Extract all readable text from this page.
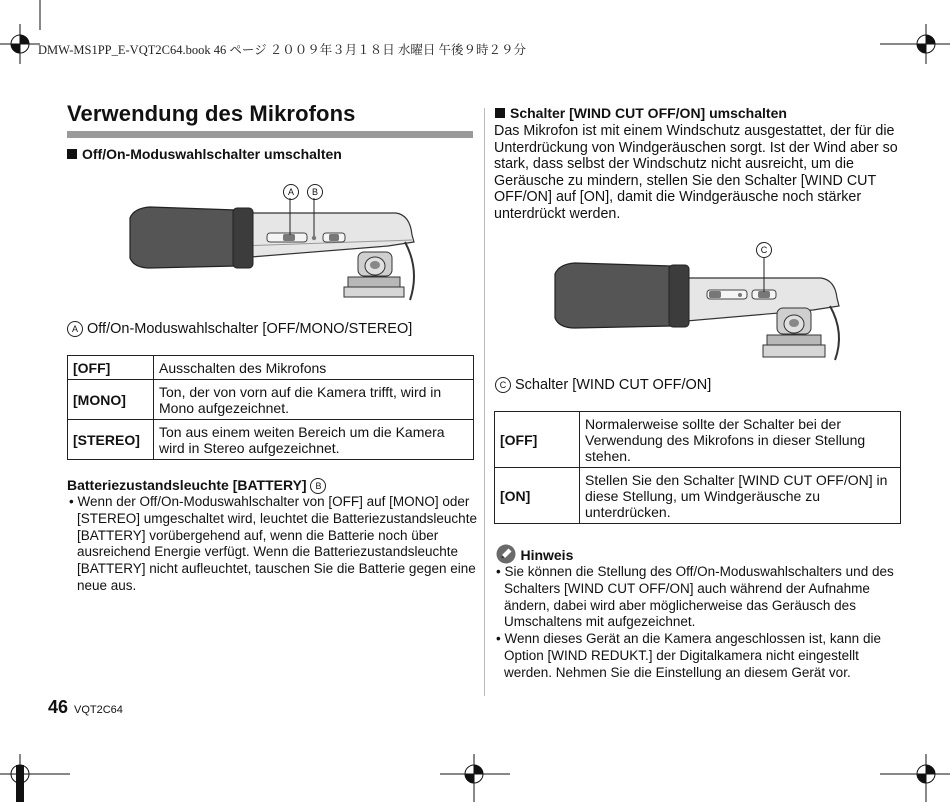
DMW-MS1PP_E-VQT2C64.book 46 ページ ２００９年３月１８日 水曜日 午後９時２９分
Verwendung des Mikrofons
Off/On-Moduswahlschalter umschalten
A	B
A Off/On-Moduswahlschalter [OFF/MONO/STEREO]
[OFF]	Ausschalten des Mikrofons
[MONO]	Ton, der von vorn auf die Kamera trifft, wird in Mono aufgezeichnet.
[STEREO]	Ton aus einem weiten Bereich um die Kamera wird in Stereo aufgezeichnet.
Batteriezustandsleuchte [BATTERY] B
• Wenn der Off/On-Moduswahlschalter von [OFF] auf [MONO] oder [STEREO] umgeschaltet wird, leuchtet die Batteriezustandsleuchte [BATTERY] vorübergehend auf, wenn die Batterie noch über ausreichend Energie verfügt. Wenn die Batteriezustandsleuchte [BATTERY] nicht aufleuchtet, tauschen Sie die Batterie gegen eine neue aus.
Schalter [WIND CUT OFF/ON] umschalten
Das Mikrofon ist mit einem Windschutz ausgestattet, der für die Unterdrückung von Windgeräuschen sorgt. Ist der Wind aber so stark, dass selbst der Windschutz nicht ausreicht, um die Geräusche zu mindern, stellen Sie den Schalter [WIND CUT OFF/ON] auf [ON], damit die Windgeräusche noch stärker unterdrückt werden.
C
C Schalter [WIND CUT OFF/ON]
[OFF]	Normalerweise sollte der Schalter bei der Verwendung des Mikrofons in dieser Stellung stehen.
[ON]	Stellen Sie den Schalter [WIND CUT OFF/ON] in diese Stellung, um Windgeräusche zu unterdrücken.
Hinweis
• Sie können die Stellung des Off/On-Moduswahlschalters und des Schalters [WIND CUT OFF/ON] auch während der Aufnahme ändern, dabei wird aber möglicherweise das Geräusch des Umschaltens mit aufgezeichnet.
• Wenn dieses Gerät an die Kamera angeschlossen ist, kann die Option [WIND REDUKT.] der Digitalkamera nicht eingestellt werden. Nehmen Sie die Einstellung an diesem Gerät vor.
46 VQT2C64
